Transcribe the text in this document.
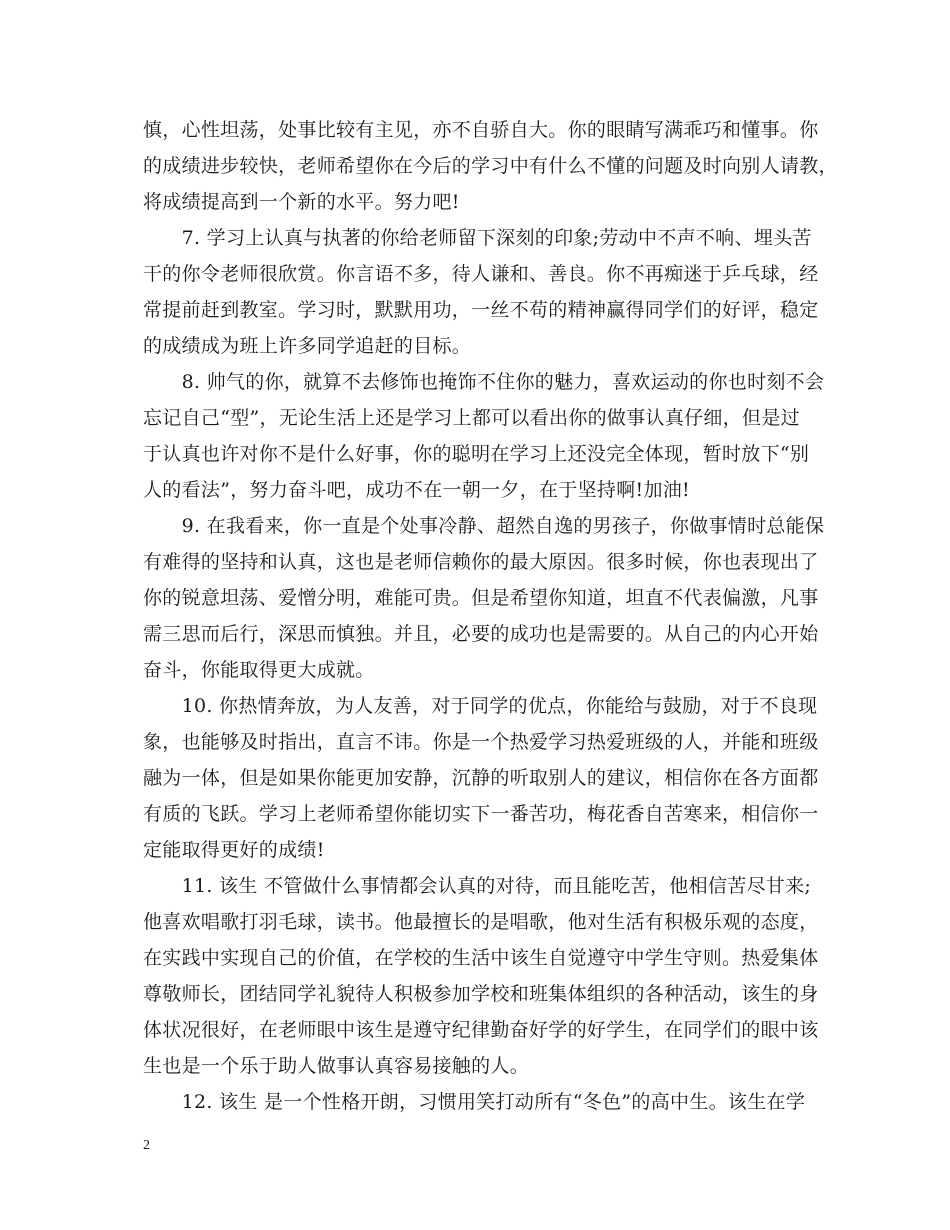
慎，心性坦荡，处事比较有主见，亦不自骄自大。你的眼睛写满乖巧和懂事。你
的成绩进步较快，老师希望你在今后的学习中有什么不懂的问题及时向别人请教，
将成绩提高到一个新的水平。努力吧!
　　7. 学习上认真与执著的你给老师留下深刻的印象;劳动中不声不响、埋头苦
干的你令老师很欣赏。你言语不多，待人谦和、善良。你不再痴迷于乒乓球，经
常提前赶到教室。学习时，默默用功，一丝不苟的精神赢得同学们的好评，稳定
的成绩成为班上许多同学追赶的目标。
　　8. 帅气的你，就算不去修饰也掩饰不住你的魅力，喜欢运动的你也时刻不会
忘记自己“型”，无论生活上还是学习上都可以看出你的做事认真仔细，但是过
于认真也许对你不是什么好事，你的聪明在学习上还没完全体现，暂时放下“别
人的看法”，努力奋斗吧，成功不在一朝一夕，在于坚持啊!加油!
　　9. 在我看来，你一直是个处事冷静、超然自逸的男孩子，你做事情时总能保
有难得的坚持和认真，这也是老师信赖你的最大原因。很多时候，你也表现出了
你的锐意坦荡、爱憎分明，难能可贵。但是希望你知道，坦直不代表偏激，凡事
需三思而后行，深思而慎独。并且，必要的成功也是需要的。从自己的内心开始
奋斗，你能取得更大成就。
　　10. 你热情奔放，为人友善，对于同学的优点，你能给与鼓励，对于不良现
象，也能够及时指出，直言不讳。你是一个热爱学习热爱班级的人，并能和班级
融为一体，但是如果你能更加安静，沉静的听取别人的建议，相信你在各方面都
有质的飞跃。学习上老师希望你能切实下一番苦功，梅花香自苦寒来，相信你一
定能取得更好的成绩!
　　11. 该生 不管做什么事情都会认真的对待，而且能吃苦，他相信苦尽甘来;
他喜欢唱歌打羽毛球，读书。他最擅长的是唱歌，他对生活有积极乐观的态度，
在实践中实现自己的价值，在学校的生活中该生自觉遵守中学生守则。热爱集体
尊敬师长，团结同学礼貌待人积极参加学校和班集体组织的各种活动，该生的身
体状况很好，在老师眼中该生是遵守纪律勤奋好学的好学生，在同学们的眼中该
生也是一个乐于助人做事认真容易接触的人。
　　12. 该生 是一个性格开朗，习惯用笑打动所有“冬色”的高中生。该生在学
2
